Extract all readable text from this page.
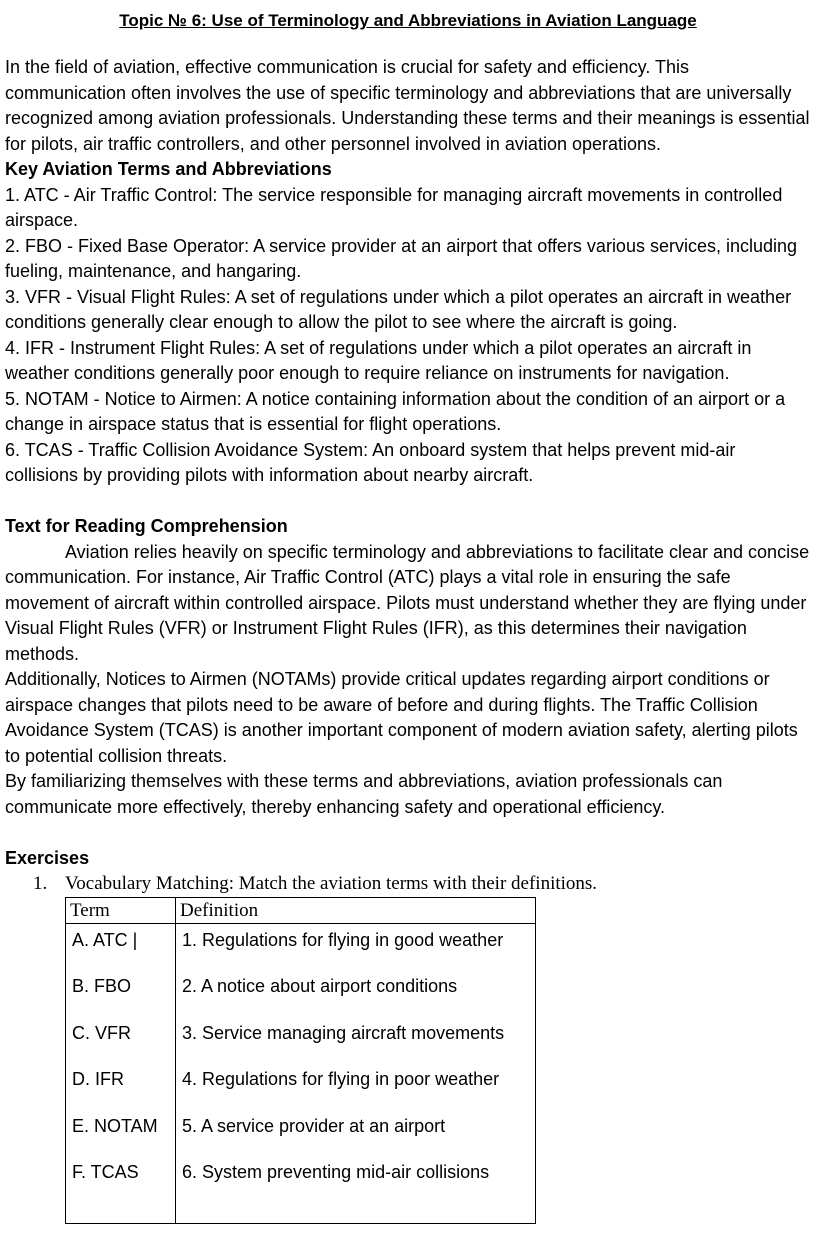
Topic № 6: Use of Terminology and Abbreviations in Aviation Language

In the field of aviation, effective communication is crucial for safety and efficiency. This communication often involves the use of specific terminology and abbreviations that are universally recognized among aviation professionals. Understanding these terms and their meanings is essential for pilots, air traffic controllers, and other personnel involved in aviation operations.

Key Aviation Terms and Abbreviations

1. ATC - Air Traffic Control: The service responsible for managing aircraft movements in controlled airspace.

2. FBO - Fixed Base Operator: A service provider at an airport that offers various services, including fueling, maintenance, and hangaring.

3. VFR - Visual Flight Rules: A set of regulations under which a pilot operates an aircraft in weather conditions generally clear enough to allow the pilot to see where the aircraft is going.

4. IFR - Instrument Flight Rules: A set of regulations under which a pilot operates an aircraft in weather conditions generally poor enough to require reliance on instruments for navigation.

5. NOTAM - Notice to Airmen: A notice containing information about the condition of an airport or a change in airspace status that is essential for flight operations.

6. TCAS - Traffic Collision Avoidance System: An onboard system that helps prevent mid-air collisions by providing pilots with information about nearby aircraft.

Text for Reading Comprehension

Aviation relies heavily on specific terminology and abbreviations to facilitate clear and concise communication. For instance, Air Traffic Control (ATC) plays a vital role in ensuring the safe movement of aircraft within controlled airspace. Pilots must understand whether they are flying under Visual Flight Rules (VFR) or Instrument Flight Rules (IFR), as this determines their navigation methods.

Additionally, Notices to Airmen (NOTAMs) provide critical updates regarding airport conditions or airspace changes that pilots need to be aware of before and during flights. The Traffic Collision Avoidance System (TCAS) is another important component of modern aviation safety, alerting pilots to potential collision threats.

By familiarizing themselves with these terms and abbreviations, aviation professionals can communicate more effectively, thereby enhancing safety and operational efficiency.

Exercises

1. Vocabulary Matching: Match the aviation terms with their definitions.
Term	Definition
A. ATC |	1. Regulations for flying in good weather
B. FBO	2. A notice about airport conditions
C. VFR	3. Service managing aircraft movements
D. IFR	4. Regulations for flying in poor weather
E. NOTAM	5. A service provider at an airport
F. TCAS	6. System preventing mid-air collisions
